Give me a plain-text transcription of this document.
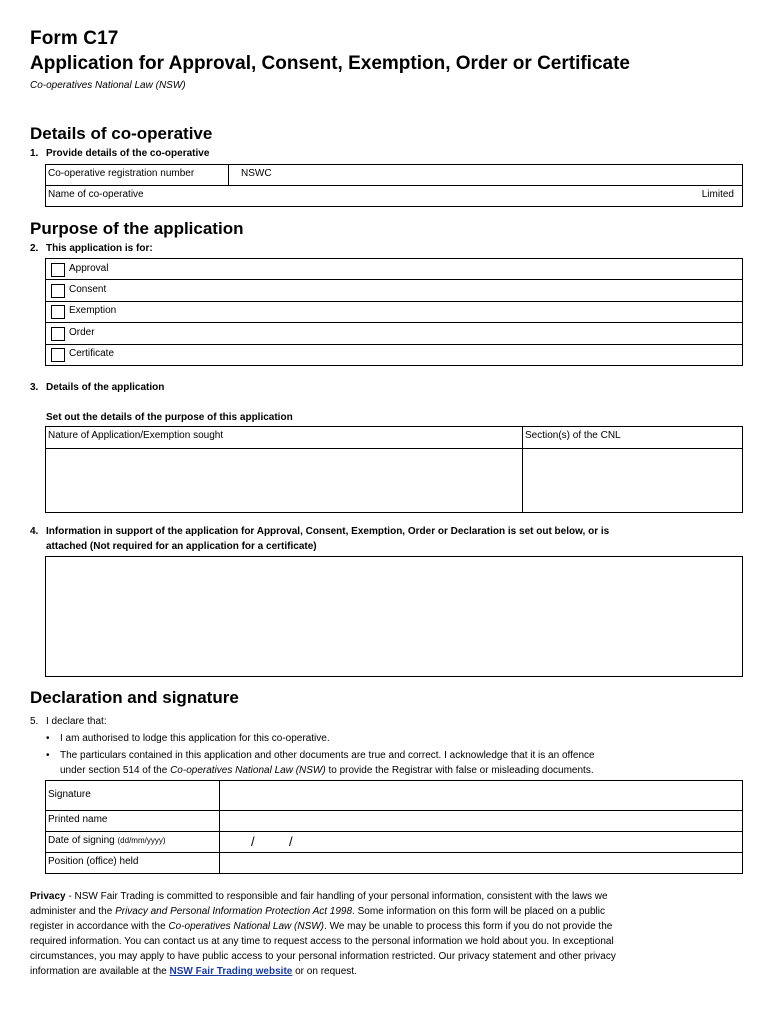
Form C17
Application for Approval, Consent, Exemption, Order or Certificate
Co-operatives National Law (NSW)
Details of co-operative
1. Provide details of the co-operative
Co-operative registration number	NSWC
Name of co-operative	Limited
Purpose of the application
2. This application is for:
Approval
Consent
Exemption
Order
Certificate
3. Details of the application
Set out the details of the purpose of this application
Nature of Application/Exemption sought	Section(s) of the CNL
4. Information in support of the application for Approval, Consent, Exemption, Order or Declaration is set out below, or is
attached (Not required for an application for a certificate)
Declaration and signature
5. I declare that:
• I am authorised to lodge this application for this co-operative.
• The particulars contained in this application and other documents are true and correct. I acknowledge that it is an offence
under section 514 of the Co-operatives National Law (NSW) to provide the Registrar with false or misleading documents.
Signature
Printed name
Date of signing (dd/mm/yyyy)	/	/
Position (office) held
Privacy - NSW Fair Trading is committed to responsible and fair handling of your personal information, consistent with the laws we
administer and the Privacy and Personal Information Protection Act 1998. Some information on this form will be placed on a public
register in accordance with the Co-operatives National Law (NSW). We may be unable to process this form if you do not provide the
required information. You can contact us at any time to request access to the personal information we hold about you. In exceptional
circumstances, you may apply to have public access to your personal information restricted. Our privacy statement and other privacy
information are available at the NSW Fair Trading website or on request.
